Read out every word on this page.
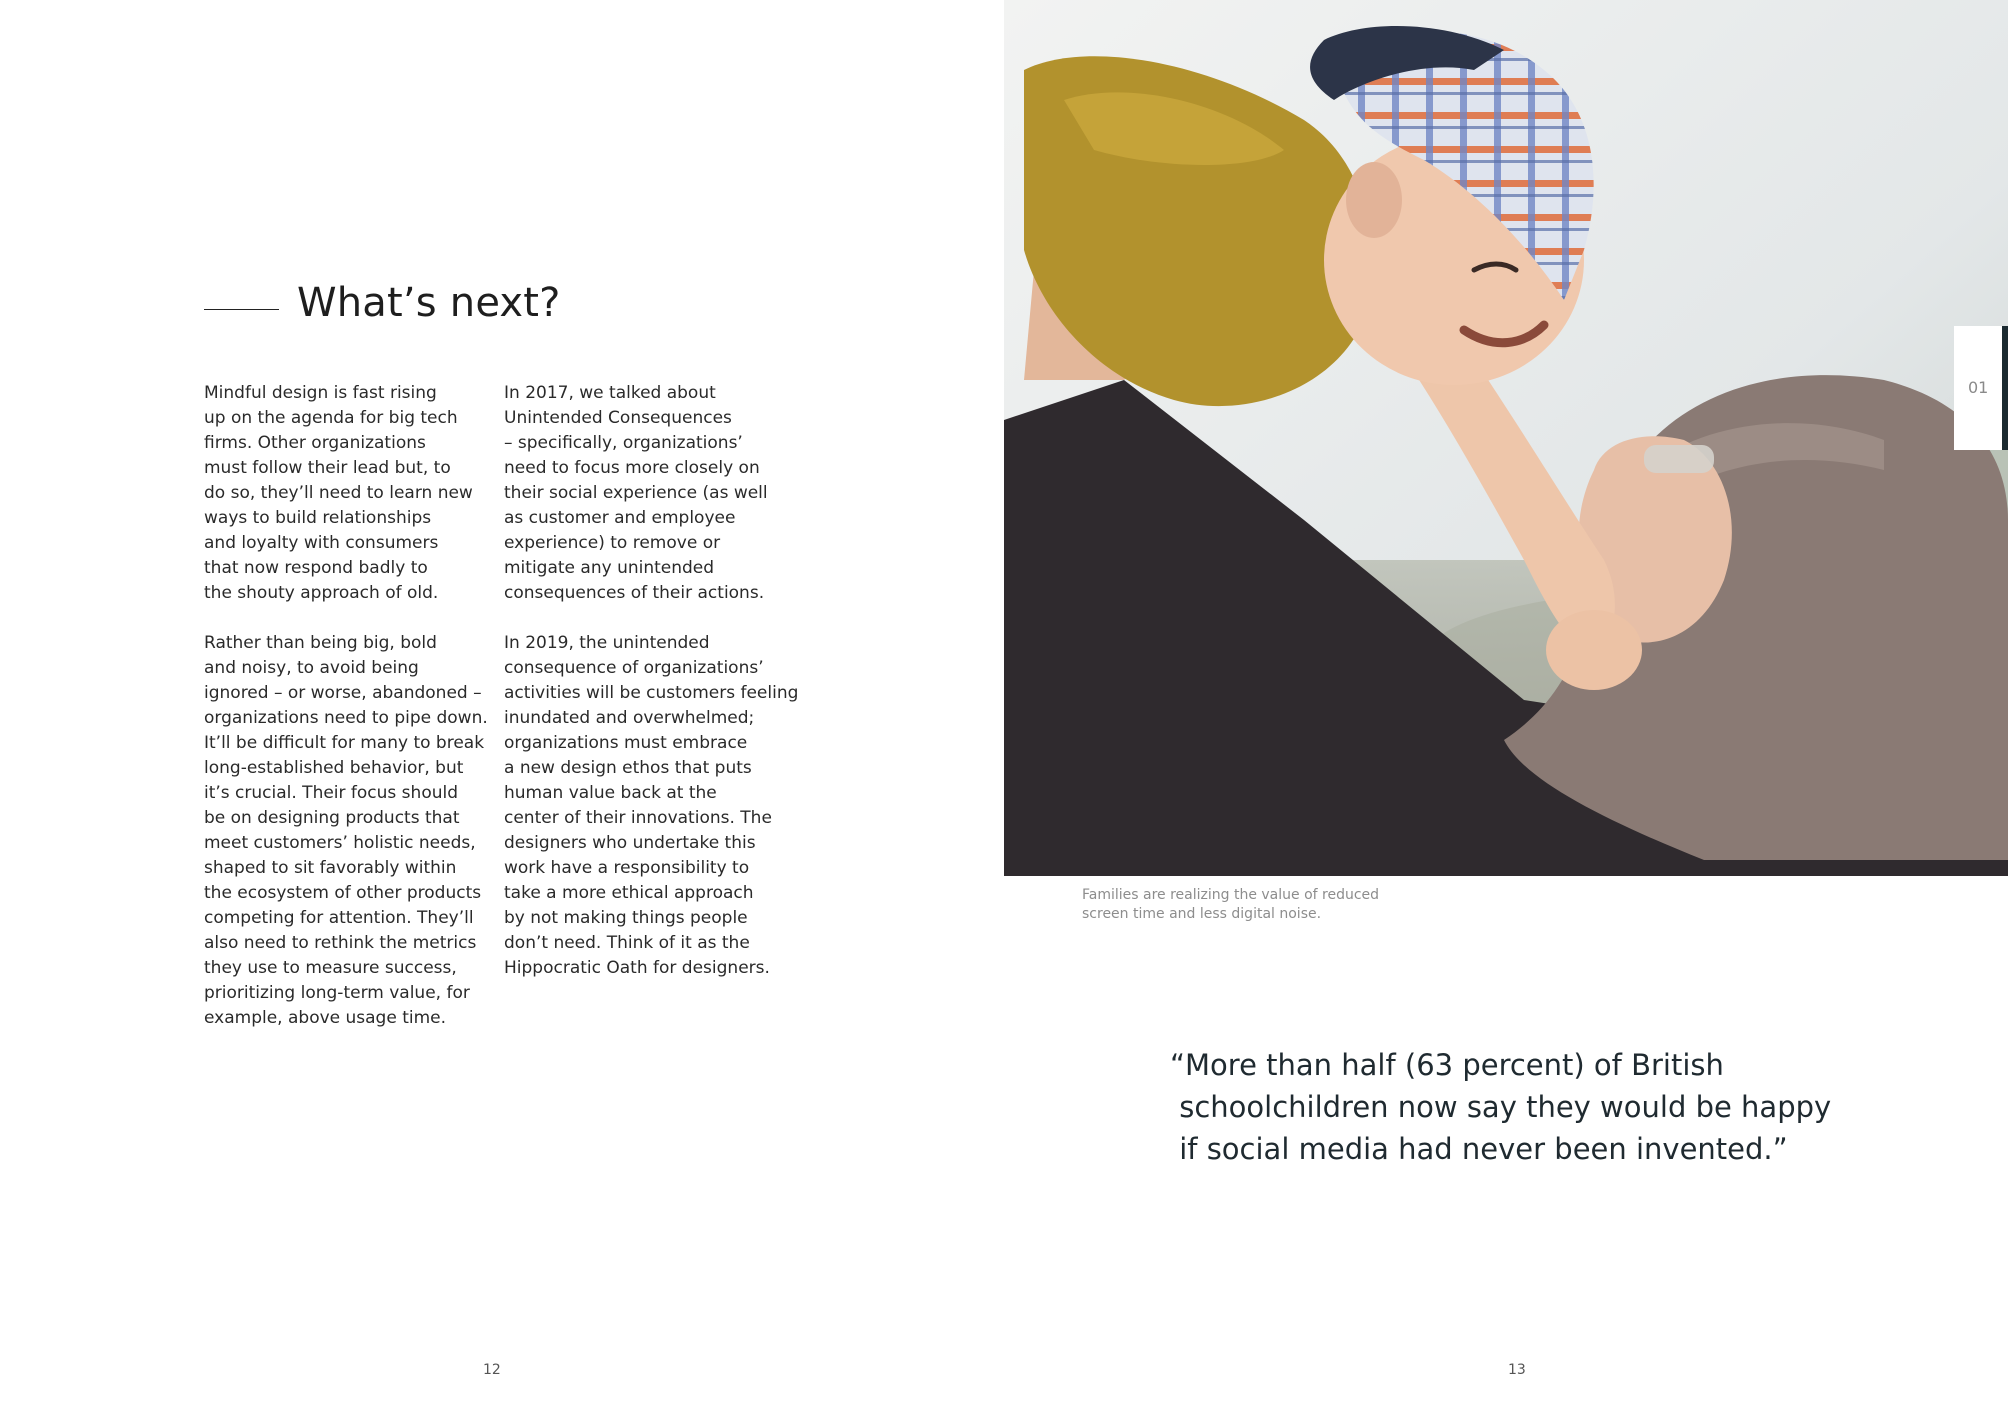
What’s next?

Mindful design is fast rising
up on the agenda for big tech
firms. Other organizations
must follow their lead but, to
do so, they’ll need to learn new
ways to build relationships
and loyalty with consumers
that now respond badly to
the shouty approach of old.

Rather than being big, bold
and noisy, to avoid being
ignored – or worse, abandoned –
organizations need to pipe down.
It’ll be difficult for many to break
long-established behavior, but
it’s crucial. Their focus should
be on designing products that
meet customers’ holistic needs,
shaped to sit favorably within
the ecosystem of other products
competing for attention. They’ll
also need to rethink the metrics
they use to measure success,
prioritizing long-term value, for
example, above usage time.

In 2017, we talked about
Unintended Consequences
– specifically, organizations’
need to focus more closely on
their social experience (as well
as customer and employee
experience) to remove or
mitigate any unintended
consequences of their actions.

In 2019, the unintended
consequence of organizations’
activities will be customers feeling
inundated and overwhelmed;
organizations must embrace
a new design ethos that puts
human value back at the
center of their innovations. The
designers who undertake this
work have a responsibility to
take a more ethical approach
by not making things people
don’t need. Think of it as the
Hippocratic Oath for designers.

12
Families are realizing the value of reduced
screen time and less digital noise.
01
“More than half (63 percent) of British
schoolchildren now say they would be happy
if social media had never been invented.”
13
